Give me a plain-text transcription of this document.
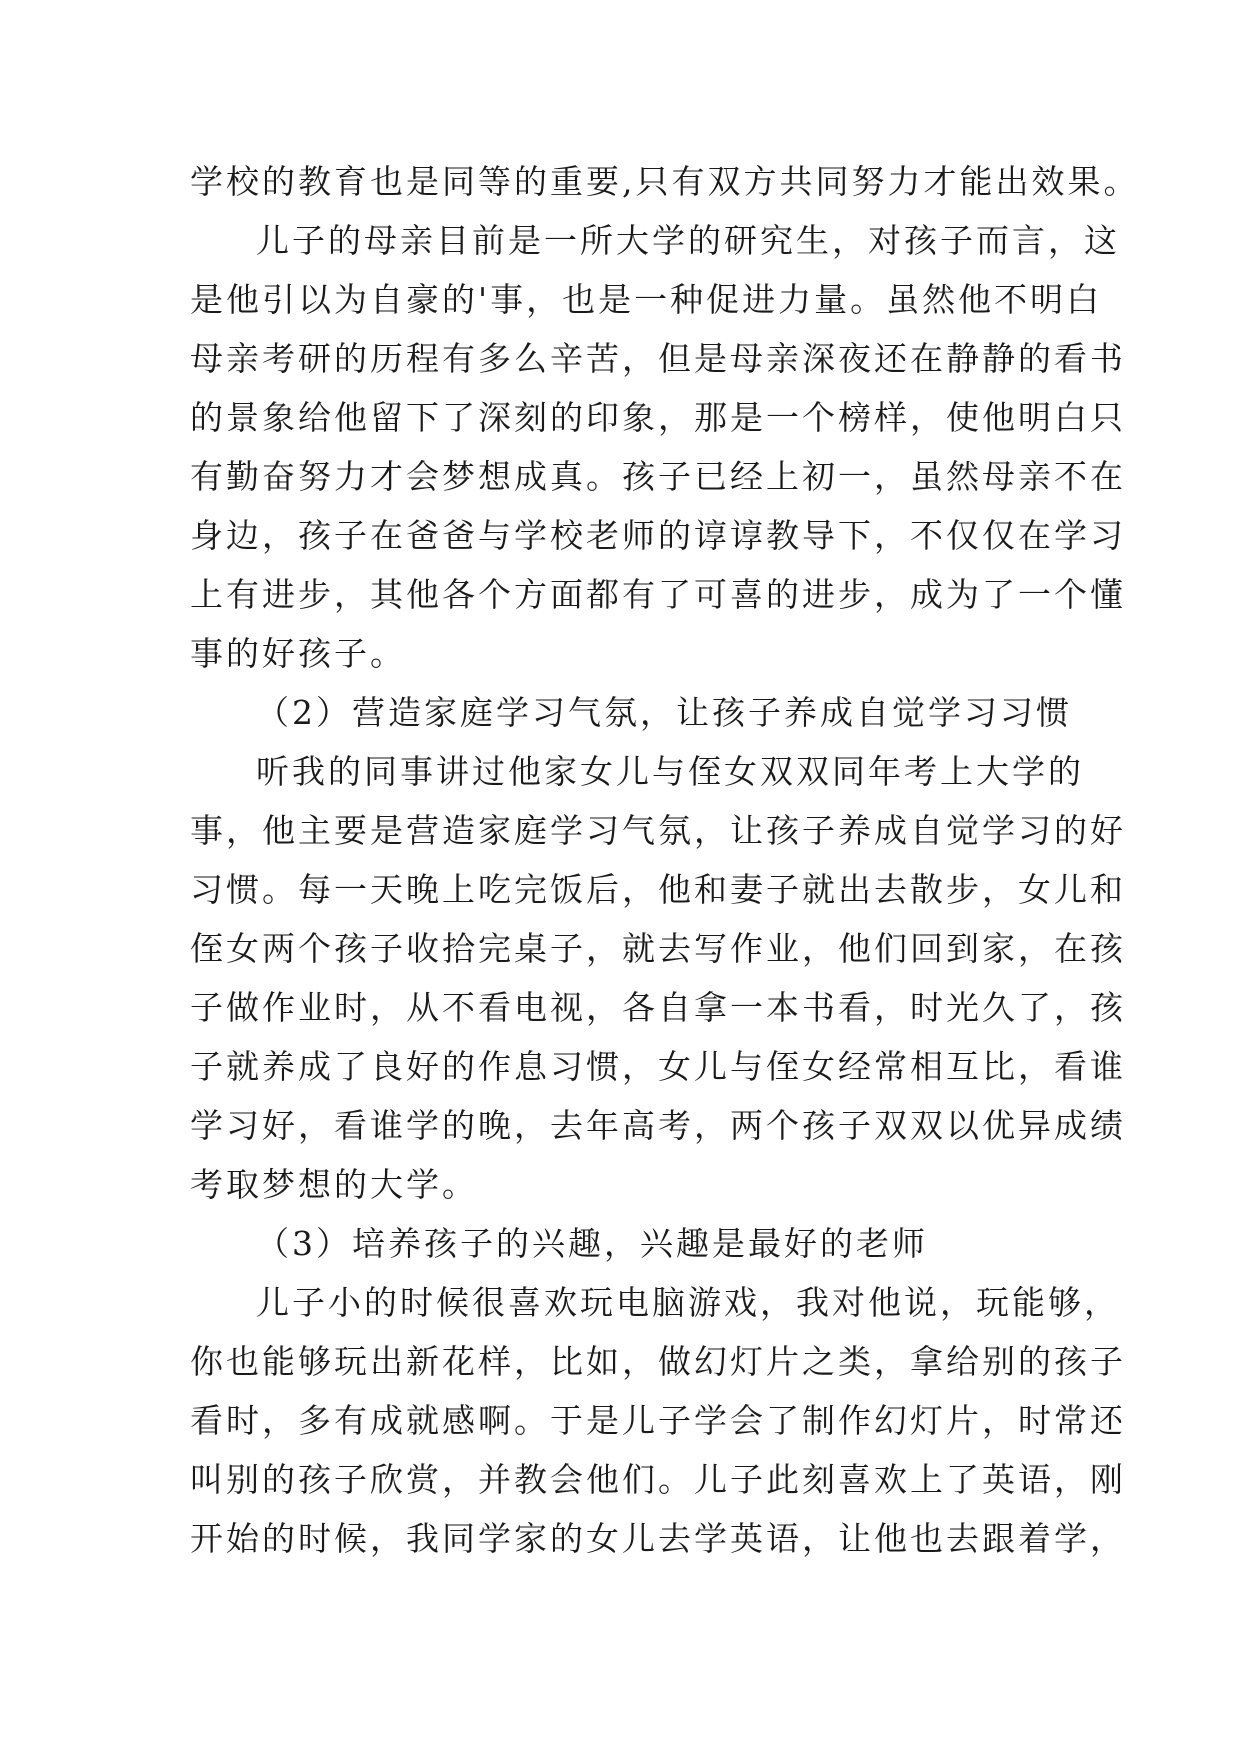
学校的教育也是同等的重要,只有双方共同努力才能出效果。
儿子的母亲目前是一所大学的研究生，对孩子而言，这
是他引以为自豪的'事，也是一种促进力量。虽然他不明白
母亲考研的历程有多么辛苦，但是母亲深夜还在静静的看书
的景象给他留下了深刻的印象，那是一个榜样，使他明白只
有勤奋努力才会梦想成真。孩子已经上初一，虽然母亲不在
身边，孩子在爸爸与学校老师的谆谆教导下，不仅仅在学习
上有进步，其他各个方面都有了可喜的进步，成为了一个懂
事的好孩子。
（2）营造家庭学习气氛，让孩子养成自觉学习习惯
听我的同事讲过他家女儿与侄女双双同年考上大学的
事，他主要是营造家庭学习气氛，让孩子养成自觉学习的好
习惯。每一天晚上吃完饭后，他和妻子就出去散步，女儿和
侄女两个孩子收拾完桌子，就去写作业，他们回到家，在孩
子做作业时，从不看电视，各自拿一本书看，时光久了，孩
子就养成了良好的作息习惯，女儿与侄女经常相互比，看谁
学习好，看谁学的晚，去年高考，两个孩子双双以优异成绩
考取梦想的大学。
（3）培养孩子的兴趣，兴趣是最好的老师
儿子小的时候很喜欢玩电脑游戏，我对他说，玩能够，
你也能够玩出新花样，比如，做幻灯片之类，拿给别的孩子
看时，多有成就感啊。于是儿子学会了制作幻灯片，时常还
叫别的孩子欣赏，并教会他们。儿子此刻喜欢上了英语，刚
开始的时候，我同学家的女儿去学英语，让他也去跟着学，
